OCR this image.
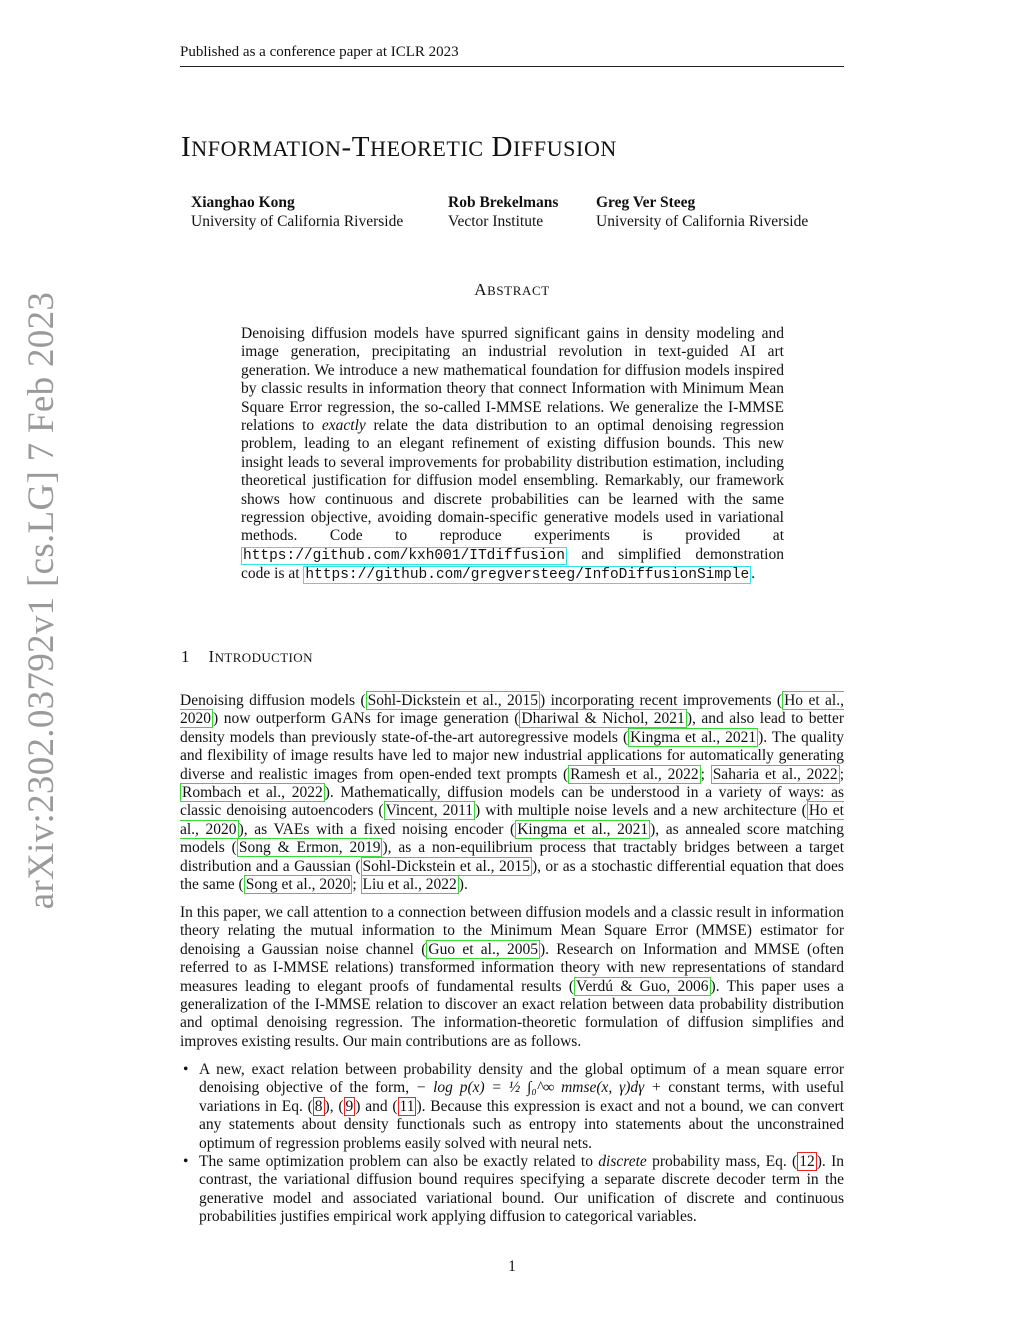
Published as a conference paper at ICLR 2023
arXiv:2302.03792v1 [cs.LG] 7 Feb 2023
INFORMATION-THEORETIC DIFFUSION
Xianghao Kong
University of California Riverside
Rob Brekelmans
Vector Institute
Greg Ver Steeg
University of California Riverside
ABSTRACT
Denoising diffusion models have spurred significant gains in density modeling and image generation, precipitating an industrial revolution in text-guided AI art generation. We introduce a new mathematical foundation for diffusion models inspired by classic results in information theory that connect Information with Minimum Mean Square Error regression, the so-called I-MMSE relations. We generalize the I-MMSE relations to exactly relate the data distribution to an optimal denoising regression problem, leading to an elegant refinement of existing diffusion bounds. This new insight leads to several improvements for probability distribution estimation, including theoretical justification for diffusion model ensembling. Remarkably, our framework shows how continuous and discrete probabilities can be learned with the same regression objective, avoiding domain-specific generative models used in variational methods. Code to reproduce experiments is provided at https://github.com/kxh001/ITdiffusion and simplified demonstration code is at https://github.com/gregversteeg/InfoDiffusionSimple .
1 INTRODUCTION
Denoising diffusion models ( Sohl-Dickstein et al., 2015 ) incorporating recent improvements ( Ho et al., 2020 ) now outperform GANs for image generation ( Dhariwal & Nichol, 2021 ), and also lead to better density models than previously state-of-the-art autoregressive models ( Kingma et al., 2021 ). The quality and flexibility of image results have led to major new industrial applications for automatically generating diverse and realistic images from open-ended text prompts ( Ramesh et al., 2022 ; Saharia et al., 2022 ; Rombach et al., 2022 ). Mathematically, diffusion models can be understood in a variety of ways: as classic denoising autoencoders ( Vincent, 2011 ) with multiple noise levels and a new architecture ( Ho et al., 2020 ), as VAEs with a fixed noising encoder ( Kingma et al., 2021 ), as annealed score matching models ( Song & Ermon, 2019 ), as a non-equilibrium process that tractably bridges between a target distribution and a Gaussian ( Sohl-Dickstein et al., 2015 ), or as a stochastic differential equation that does the same ( Song et al., 2020 ; Liu et al., 2022 ).
In this paper, we call attention to a connection between diffusion models and a classic result in information theory relating the mutual information to the Minimum Mean Square Error (MMSE) estimator for denoising a Gaussian noise channel ( Guo et al., 2005 ). Research on Information and MMSE (often referred to as I-MMSE relations) transformed information theory with new representations of standard measures leading to elegant proofs of fundamental results ( Verdú & Guo, 2006 ). This paper uses a generalization of the I-MMSE relation to discover an exact relation between data probability distribution and optimal denoising regression. The information-theoretic formulation of diffusion simplifies and improves existing results. Our main contributions are as follows.
• A new, exact relation between probability density and the global optimum of a mean square error denoising objective of the form, − log p(x) = ½ ∫₀^∞ mmse(x, γ)dγ + constant terms, with useful variations in Eq. ( 8 ), ( 9 ) and ( 11 ). Because this expression is exact and not a bound, we can convert any statements about density functionals such as entropy into statements about the unconstrained optimum of regression problems easily solved with neural nets.
• The same optimization problem can also be exactly related to discrete probability mass, Eq. ( 12 ). In contrast, the variational diffusion bound requires specifying a separate discrete decoder term in the generative model and associated variational bound. Our unification of discrete and continuous probabilities justifies empirical work applying diffusion to categorical variables.
1
